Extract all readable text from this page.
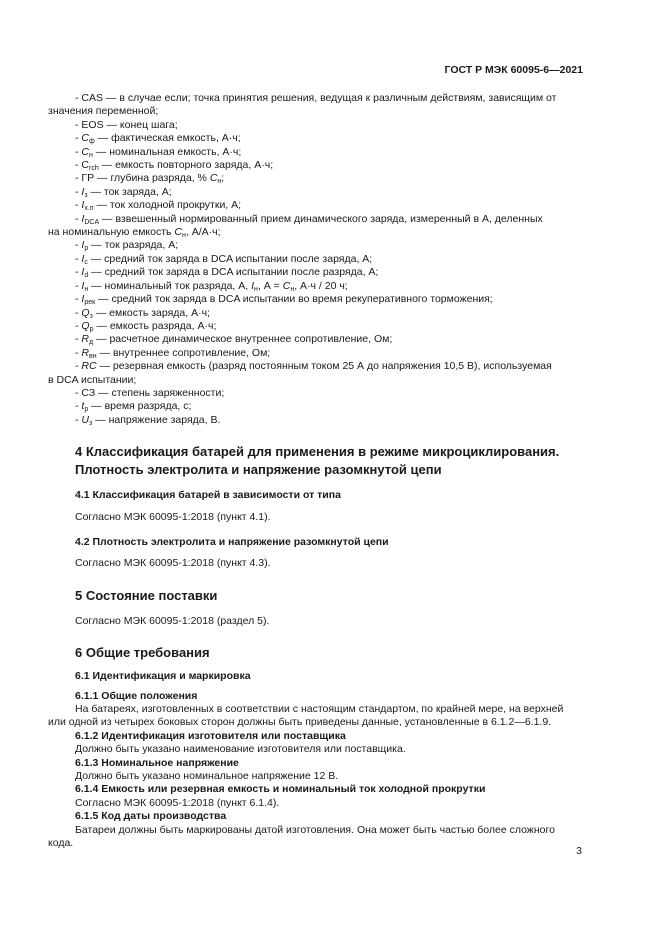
ГОСТ Р МЭК 60095-6—2021

- CAS — в случае если; точка принятия решения, ведущая к различным действиям, зависящим от

значения переменной;

- EOS — конец шага;

- $C_ф$ — фактическая емкость, А·ч;

- $C_н$ — номинальная емкость, А·ч;

- $C_{rch}$ — емкость повторного заряда, А·ч;

- ГР — глубина разряда, % $C_н$;

- $I_з$ — ток заряда, А;

- $I_{х.п}$ — ток холодной прокрутки, А;

- $I_{DCA}$ — взвешенный нормированный прием динамического заряда, измеренный в А, деленных

на номинальную емкость $C_н$, А/А·ч;

- $I_р$ — ток разряда, А;

- $I_c$ — средний ток заряда в DCA испытании после заряда, А;

- $I_d$ — средний ток заряда в DCA испытании после разряда, А;

- $I_н$ — номинальный ток разряда, А, $I_н$, $А = C_н$, А·ч / 20 ч;

- $I_{рек}$ — средний ток заряда в DCA испытании во время рекуперативного торможения;

- $Q_з$ — емкость заряда, А·ч;

- $Q_р$ — емкость разряда, А·ч;

- $R_д$ — расчетное динамическое внутреннее сопротивление, Ом;

- $R_{вн}$ — внутреннее сопротивление, Ом;

- RC — резервная емкость (разряд постоянным током 25 А до напряжения 10,5 В), используемая

в DCA испытании;

- СЗ — степень заряженности;

- $t_р$ — время разряда, с;

- $U_з$ — напряжение заряда, В.

4 Классификация батарей для применения в режиме микроциклирования.

Плотность электролита и напряжение разомкнутой цепи

4.1 Классификация батарей в зависимости от типа

Согласно МЭК 60095-1:2018 (пункт 4.1).

4.2 Плотность электролита и напряжение разомкнутой цепи

Согласно МЭК 60095-1:2018 (пункт 4.3).

5 Состояние поставки

Согласно МЭК 60095-1:2018 (раздел 5).

6 Общие требования

6.1 Идентификация и маркировка

6.1.1 Общие положения

На батареях, изготовленных в соответствии с настоящим стандартом, по крайней мере, на верхней

или одной из четырех боковых сторон должны быть приведены данные, установленные в 6.1.2—6.1.9.

6.1.2 Идентификация изготовителя или поставщика

Должно быть указано наименование изготовителя или поставщика.

6.1.3 Номинальное напряжение

Должно быть указано номинальное напряжение 12 В.

6.1.4 Емкость или резервная емкость и номинальный ток холодной прокрутки

Согласно МЭК 60095-1:2018 (пункт 6.1.4).

6.1.5 Код даты производства

Батареи должны быть маркированы датой изготовления. Она может быть частью более сложного

кода.

3
